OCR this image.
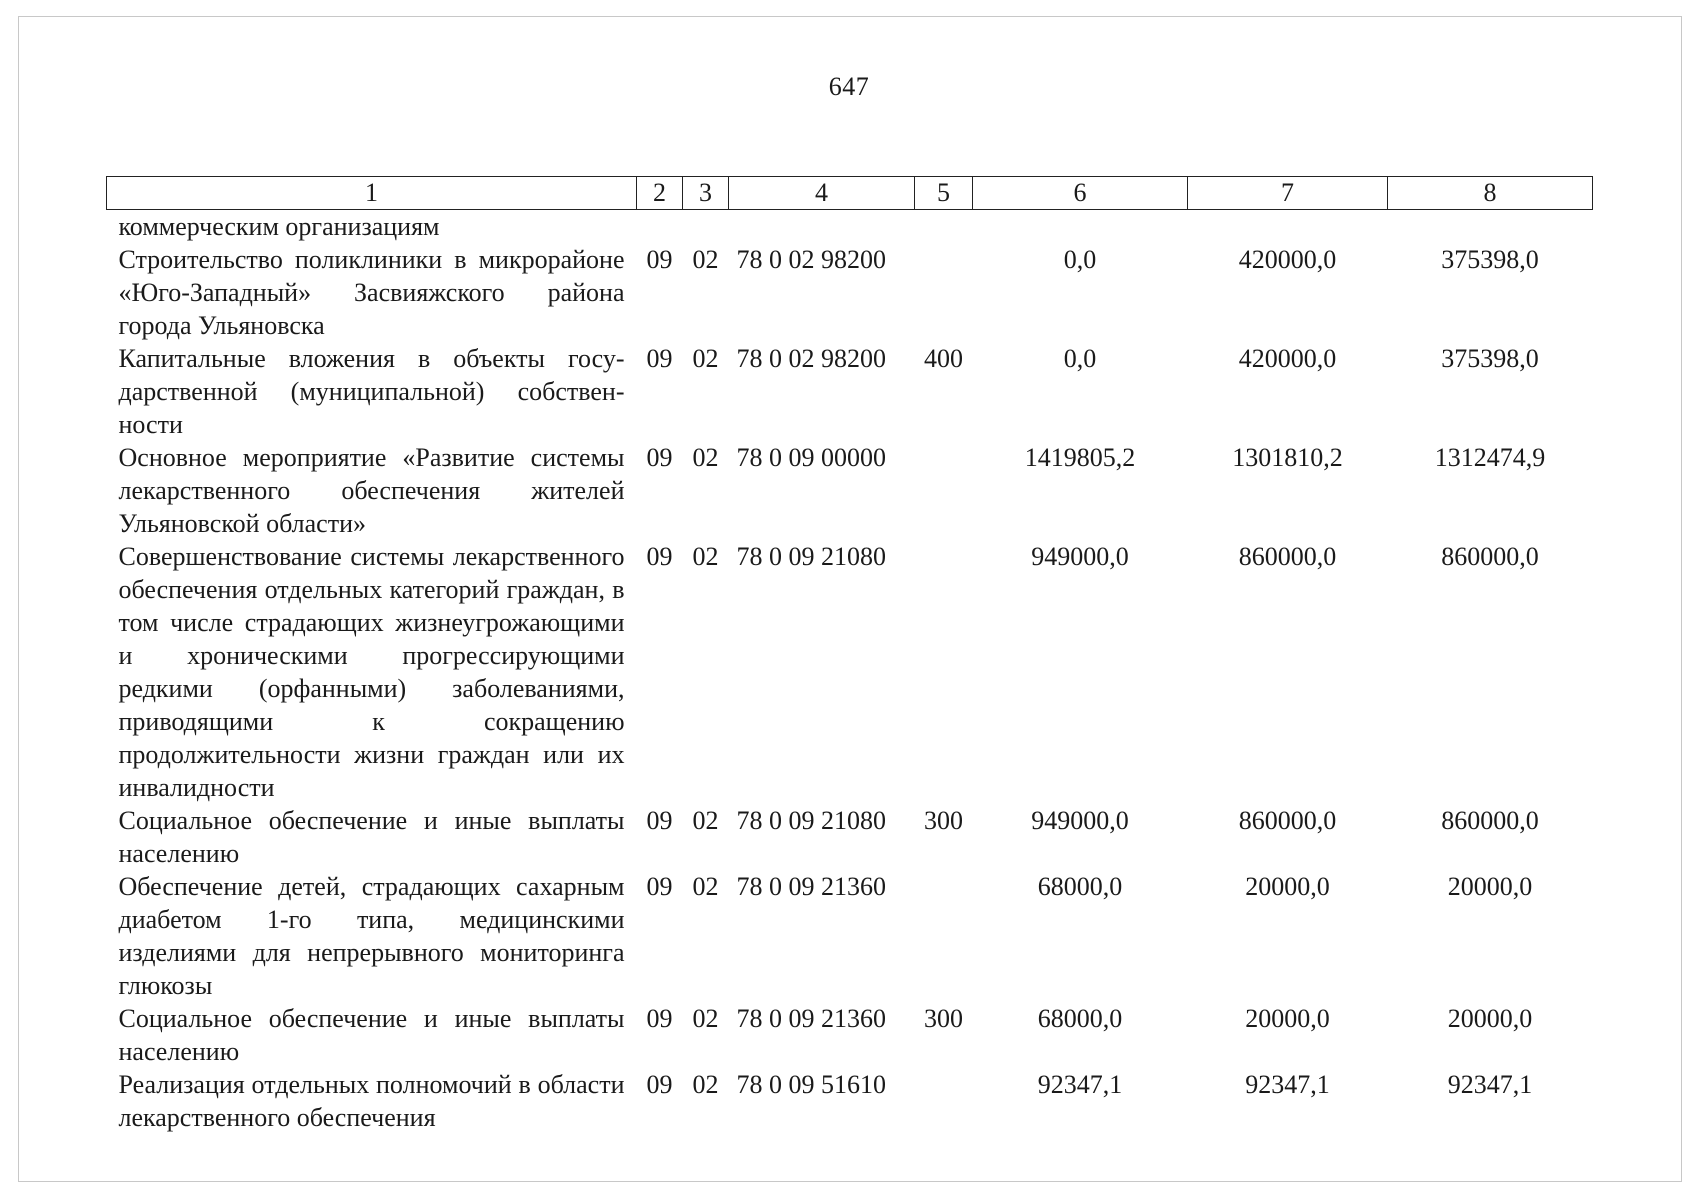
647
1	2	3	4	5	6	7	8
коммерческим организациям							
Строительство поликлиники в микрорайоне «Юго-Западный» Засвияжского района города Ульяновска	09	02	78 0 02 98200		0,0	420000,0	375398,0
Капитальные вложения в объекты государственной (муниципальной) собственности	09	02	78 0 02 98200	400	0,0	420000,0	375398,0
Основное мероприятие «Развитие системы лекарственного обеспечения жителей Ульяновской области»	09	02	78 0 09 00000		1419805,2	1301810,2	1312474,9
Совершенствование системы лекарственного обеспечения отдельных категорий граждан, в том числе страдающих жизнеугрожающими и хроническими прогрессирующими редкими (орфанными) заболеваниями, приводящими к сокращению продолжительности жизни граждан или их инвалидности	09	02	78 0 09 21080		949000,0	860000,0	860000,0
Социальное обеспечение и иные выплаты населению	09	02	78 0 09 21080	300	949000,0	860000,0	860000,0
Обеспечение детей, страдающих сахарным диабетом 1-го типа, медицинскими изделиями для непрерывного мониторинга глюкозы	09	02	78 0 09 21360		68000,0	20000,0	20000,0
Социальное обеспечение и иные выплаты населению	09	02	78 0 09 21360	300	68000,0	20000,0	20000,0
Реализация отдельных полномочий в области лекарственного обеспечения	09	02	78 0 09 51610		92347,1	92347,1	92347,1
